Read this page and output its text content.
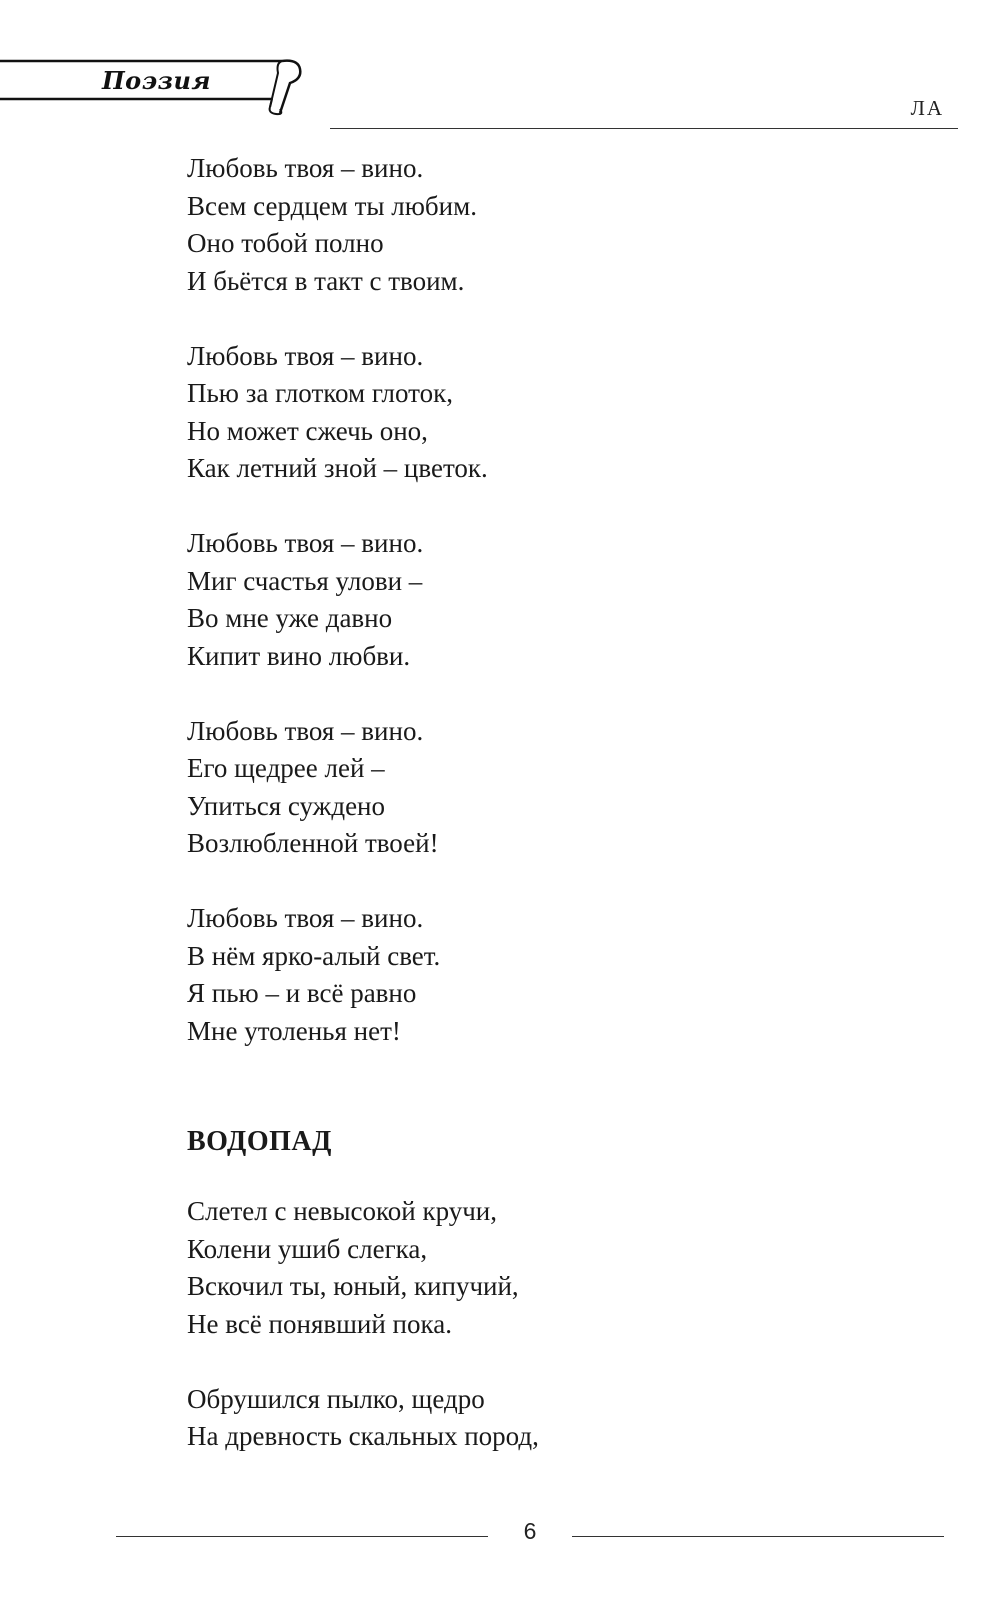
Поэзия
ЛА
Любовь твоя – вино.
Всем сердцем ты любим.
Оно тобой полно
И бьётся в такт с твоим.
Любовь твоя – вино.
Пью за глотком глоток,
Но может сжечь оно,
Как летний зной – цветок.
Любовь твоя – вино.
Миг счастья улови –
Во мне уже давно
Кипит вино любви.
Любовь твоя – вино.
Его щедрее лей –
Упиться суждено
Возлюбленной твоей!
Любовь твоя – вино.
В нём ярко-алый свет.
Я пью – и всё равно
Мне утоленья нет!
ВОДОПАД
Слетел с невысокой кручи,
Колени ушиб слегка,
Вскочил ты, юный, кипучий,
Не всё понявший пока.
Обрушился пылко, щедро
На древность скальных пород,
6
